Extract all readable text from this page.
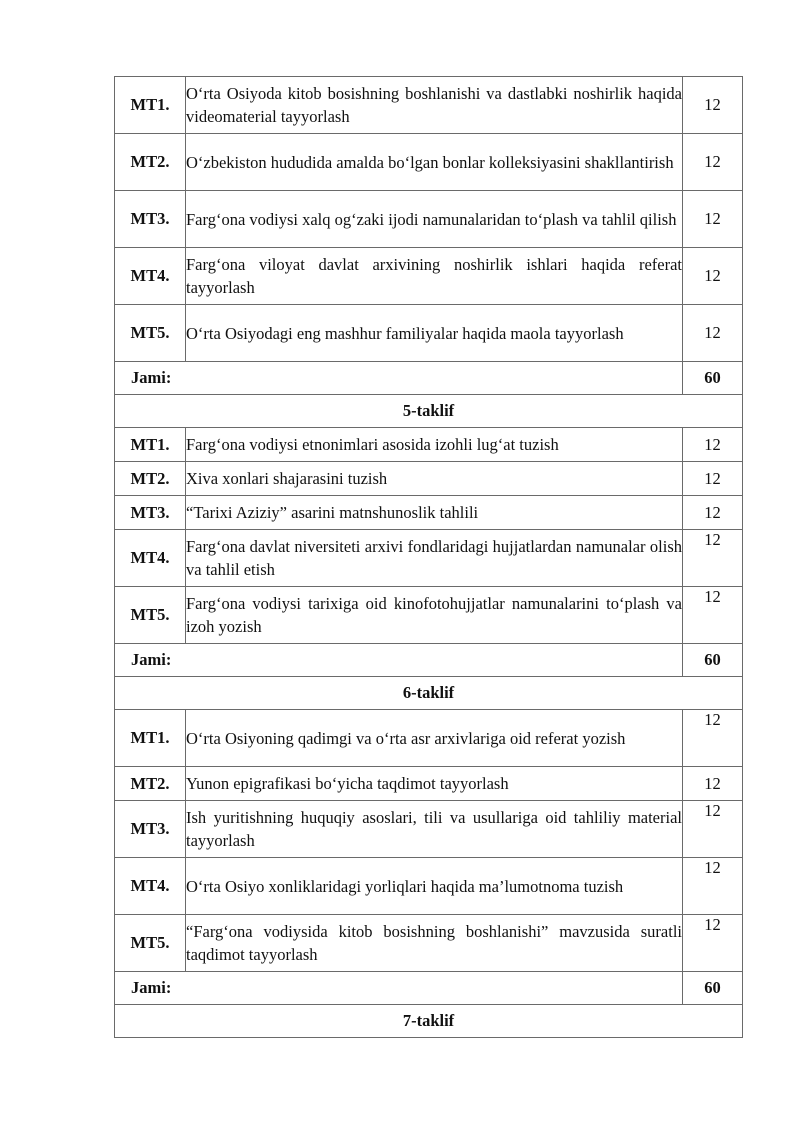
MT1.	O‘rta Osiyoda kitob bosishning boshlanishi va dastlabki noshirlik haqida videomaterial tayyorlash	12
MT2.	O‘zbekiston hududida amalda bo‘lgan bonlar kolleksiyasini shakllantirish	12
MT3.	Farg‘ona vodiysi xalq og‘zaki ijodi namunalaridan to‘plash va tahlil qilish	12
MT4.	Farg‘ona viloyat davlat arxivining noshirlik ishlari haqida referat tayyorlash	12
MT5.	O‘rta Osiyodagi eng mashhur familiyalar haqida maola tayyorlash	12
Jami:		60
5-taklif		
MT1.	Farg‘ona vodiysi etnonimlari asosida izohli lug‘at tuzish	12
MT2.	Xiva xonlari shajarasini tuzish	12
MT3.	“Tarixi Aziziy” asarini matnshunoslik tahlili	12
MT4.	Farg‘ona davlat niversiteti arxivi fondlaridagi hujjatlardan namunalar olish va tahlil etish	12
MT5.	Farg‘ona vodiysi tarixiga oid kinofotohujjatlar namunalarini to‘plash va izoh yozish	12
Jami:		60
6-taklif		
MT1.	O‘rta Osiyoning qadimgi va o‘rta asr arxivlariga oid referat yozish	12
MT2.	Yunon epigrafikasi bo‘yicha taqdimot tayyorlash	12
MT3.	Ish yuritishning huquqiy asoslari, tili va usullariga oid tahliliy material tayyorlash	12
MT4.	O‘rta Osiyo xonliklaridagi yorliqlari haqida ma’lumotnoma tuzish	12
MT5.	“Farg‘ona vodiysida kitob bosishning boshlanishi” mavzusida suratli taqdimot tayyorlash	12
Jami:		60
7-taklif		
